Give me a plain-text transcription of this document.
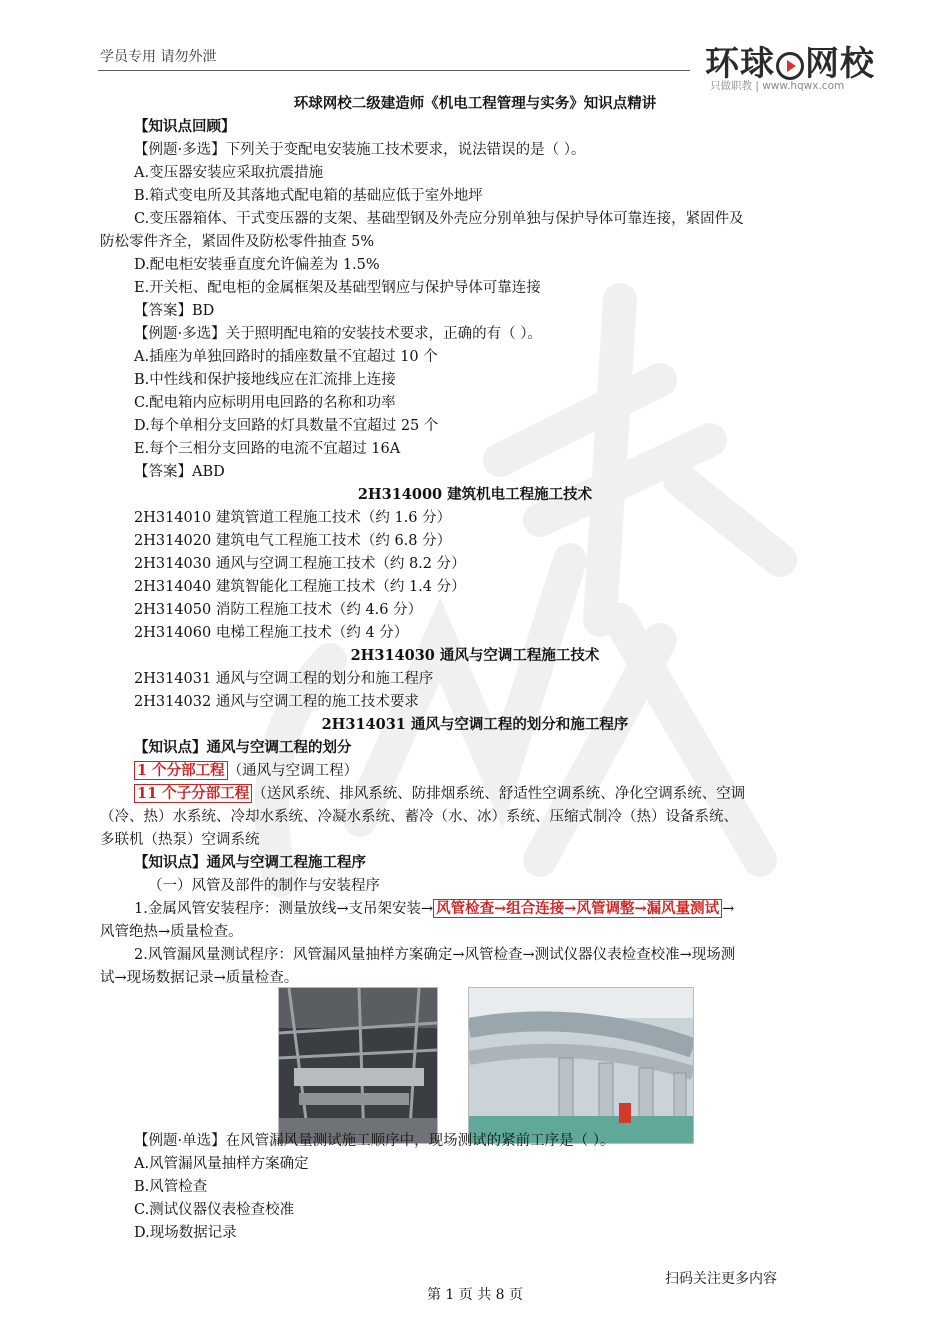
学员专用 请勿外泄	环球 网校
只做职教 | www.hqwx.com
环球网校二级建造师《机电工程管理与实务》知识点精讲
【知识点回顾】
【例题·多选】下列关于变配电安装施工技术要求，说法错误的是（ ）。
A.变压器安装应采取抗震措施
B.箱式变电所及其落地式配电箱的基础应低于室外地坪
C.变压器箱体、干式变压器的支架、基础型钢及外壳应分别单独与保护导体可靠连接，紧固件及
防松零件齐全，紧固件及防松零件抽查 5%
D.配电柜安装垂直度允许偏差为 1.5%
E.开关柜、配电柜的金属框架及基础型钢应与保护导体可靠连接
【答案】BD
【例题·多选】关于照明配电箱的安装技术要求，正确的有（ ）。
A.插座为单独回路时的插座数量不宜超过 10 个
B.中性线和保护接地线应在汇流排上连接
C.配电箱内应标明用电回路的名称和功率
D.每个单相分支回路的灯具数量不宜超过 25 个
E.每个三相分支回路的电流不宜超过 16A
【答案】ABD
2H314000 建筑机电工程施工技术
2H314010 建筑管道工程施工技术（约 1.6 分）
2H314020 建筑电气工程施工技术（约 6.8 分）
2H314030 通风与空调工程施工技术（约 8.2 分）
2H314040 建筑智能化工程施工技术（约 1.4 分）
2H314050 消防工程施工技术（约 4.6 分）
2H314060 电梯工程施工技术（约 4 分）
2H314030 通风与空调工程施工技术
2H314031 通风与空调工程的划分和施工程序
2H314032 通风与空调工程的施工技术要求
2H314031 通风与空调工程的划分和施工程序
【知识点】通风与空调工程的划分
1 个分部工程 （通风与空调工程）
11 个子分部工程 （送风系统、排风系统、防排烟系统、舒适性空调系统、净化空调系统、空调
（冷、热）水系统、冷却水系统、冷凝水系统、蓄冷（水、冰）系统、压缩式制冷（热）设备系统、
多联机（热泵）空调系统
【知识点】通风与空调工程施工程序
（一）风管及部件的制作与安装程序
1.金属风管安装程序：测量放线→支吊架安装→ 风管检查→组合连接→风管调整→漏风量测试 →
风管绝热→质量检查。
2.风管漏风量测试程序：风管漏风量抽样方案确定→风管检查→测试仪器仪表检查校准→现场测
试→现场数据记录→质量检查。
【例题·单选】在风管漏风量测试施工顺序中，现场测试的紧前工序是（ ）。
A.风管漏风量抽样方案确定
B.风管检查
C.测试仪器仪表检查校准
D.现场数据记录
扫码关注更多内容
第 1 页 共 8 页
